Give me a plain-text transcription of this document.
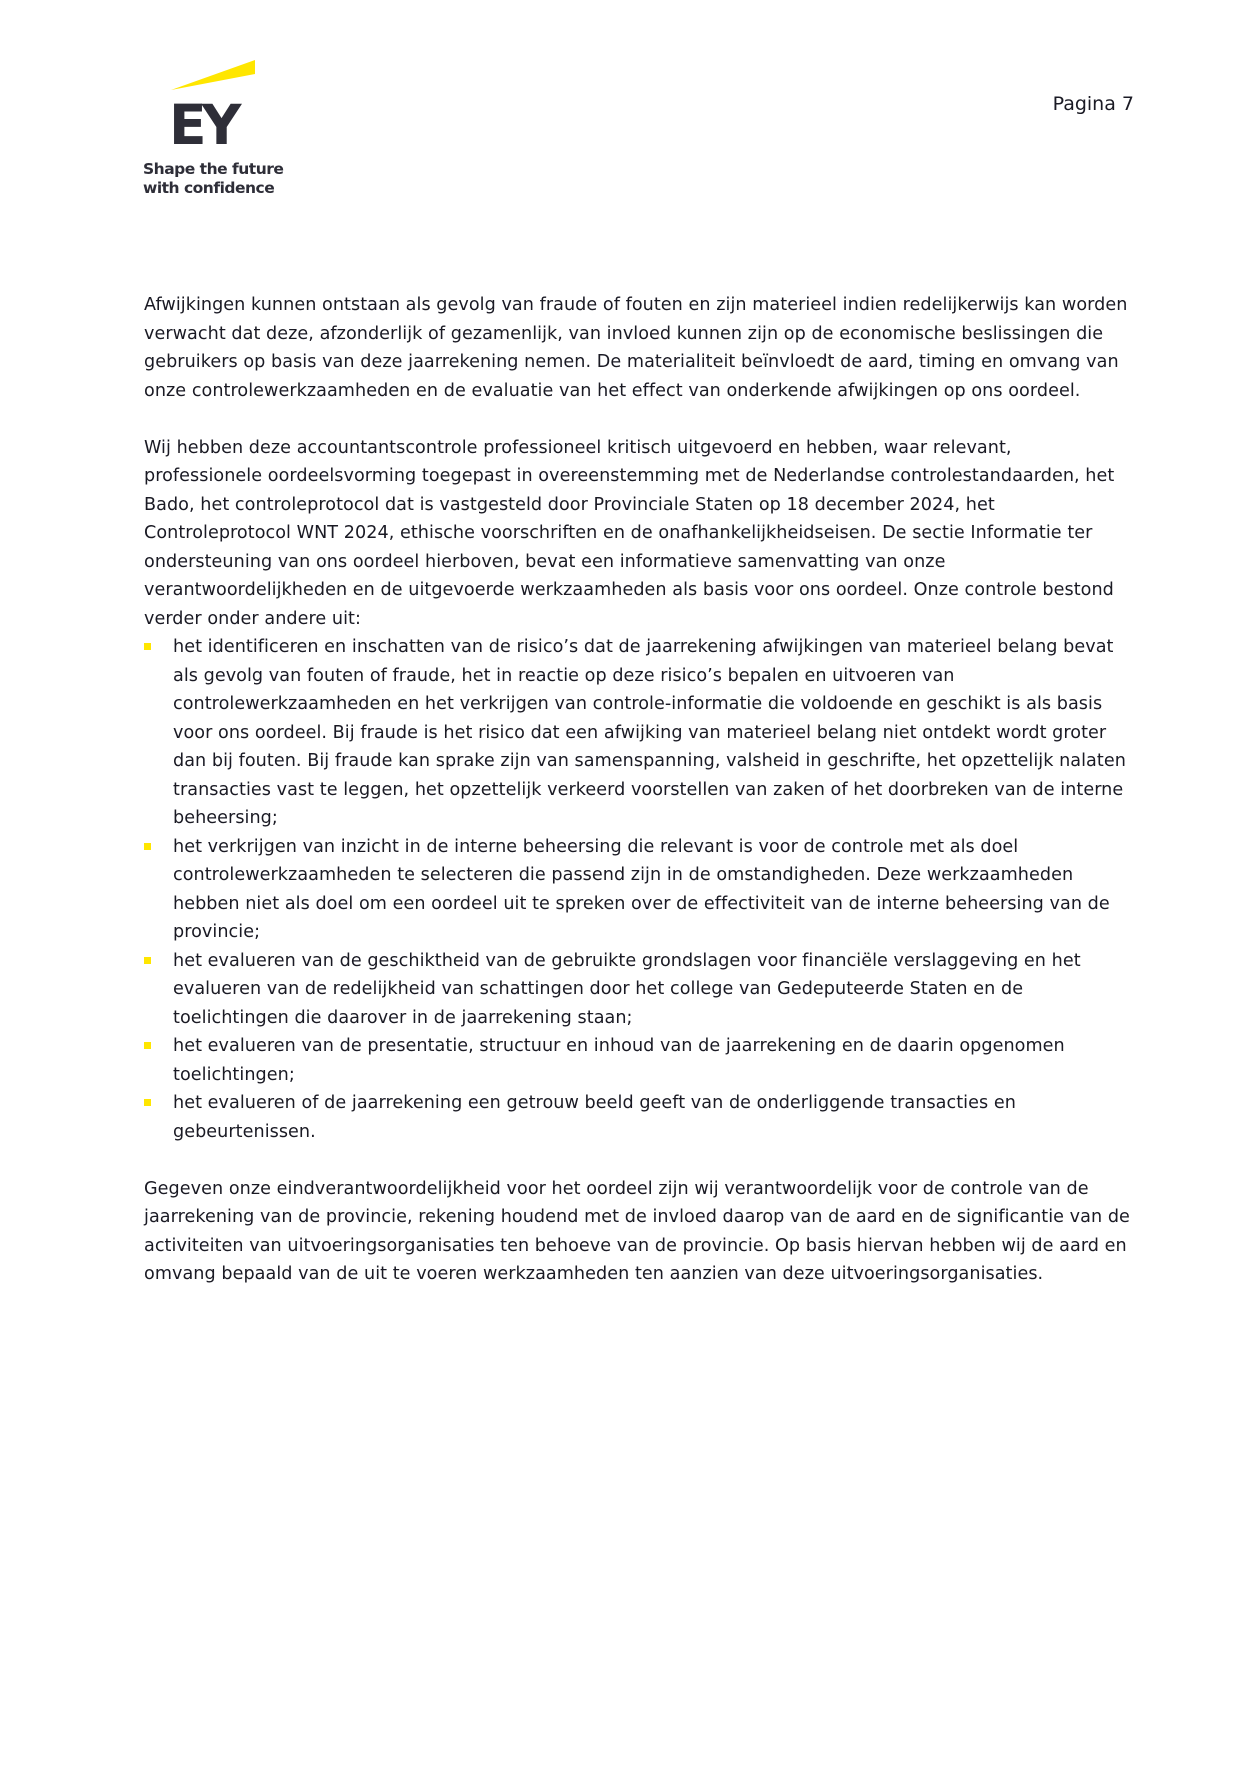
EY
Shape the future
with confidence
Pagina 7

Afwijkingen kunnen ontstaan als gevolg van fraude of fouten en zijn materieel indien redelijkerwijs kan worden verwacht dat deze, afzonderlijk of gezamenlijk, van invloed kunnen zijn op de economische beslissingen die gebruikers op basis van deze jaarrekening nemen. De materialiteit beïnvloedt de aard, timing en omvang van onze controlewerkzaamheden en de evaluatie van het effect van onderkende afwijkingen op ons oordeel.

Wij hebben deze accountantscontrole professioneel kritisch uitgevoerd en hebben, waar relevant, professionele oordeelsvorming toegepast in overeenstemming met de Nederlandse controlestandaarden, het Bado, het controleprotocol dat is vastgesteld door Provinciale Staten op 18 december 2024, het Controleprotocol WNT 2024, ethische voorschriften en de onafhankelijkheidseisen. De sectie Informatie ter ondersteuning van ons oordeel hierboven, bevat een informatieve samenvatting van onze verantwoordelijkheden en de uitgevoerde werkzaamheden als basis voor ons oordeel. Onze controle bestond verder onder andere uit:

het identificeren en inschatten van de risico’s dat de jaarrekening afwijkingen van materieel belang bevat als gevolg van fouten of fraude, het in reactie op deze risico’s bepalen en uitvoeren van controlewerkzaamheden en het verkrijgen van controle-informatie die voldoende en geschikt is als basis voor ons oordeel. Bij fraude is het risico dat een afwijking van materieel belang niet ontdekt wordt groter dan bij fouten. Bij fraude kan sprake zijn van samenspanning, valsheid in geschrifte, het opzettelijk nalaten transacties vast te leggen, het opzettelijk verkeerd voorstellen van zaken of het doorbreken van de interne beheersing;
het verkrijgen van inzicht in de interne beheersing die relevant is voor de controle met als doel controlewerkzaamheden te selecteren die passend zijn in de omstandigheden. Deze werkzaamheden hebben niet als doel om een oordeel uit te spreken over de effectiviteit van de interne beheersing van de provincie;
het evalueren van de geschiktheid van de gebruikte grondslagen voor financiële verslaggeving en het evalueren van de redelijkheid van schattingen door het college van Gedeputeerde Staten en de toelichtingen die daarover in de jaarrekening staan;
het evalueren van de presentatie, structuur en inhoud van de jaarrekening en de daarin opgenomen toelichtingen;
het evalueren of de jaarrekening een getrouw beeld geeft van de onderliggende transacties en gebeurtenissen.

Gegeven onze eindverantwoordelijkheid voor het oordeel zijn wij verantwoordelijk voor de controle van de jaarrekening van de provincie, rekening houdend met de invloed daarop van de aard en de significantie van de activiteiten van uitvoeringsorganisaties ten behoeve van de provincie. Op basis hiervan hebben wij de aard en omvang bepaald van de uit te voeren werkzaamheden ten aanzien van deze uitvoeringsorganisaties.
